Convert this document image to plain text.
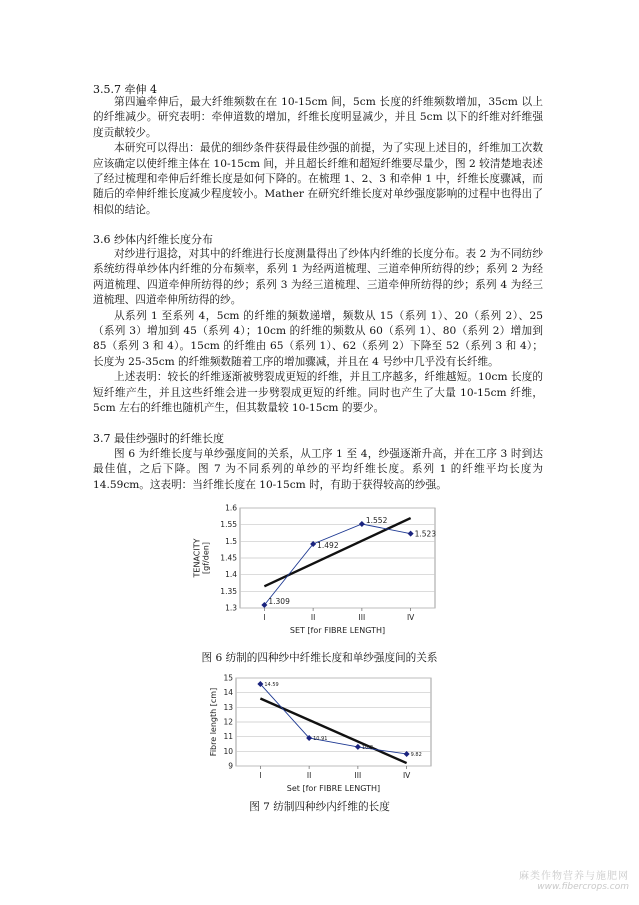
3.5.7 牵伸 4

第四遍牵伸后，最大纤维频数在在 10-15cm 间，5cm 长度的纤维频数增加，35cm 以上的纤维减少。研究表明：牵伸道数的增加，纤维长度明显减少，并且 5cm 以下的纤维对纤维强度贡献较少。

本研究可以得出：最优的细纱条件获得最佳纱强的前提，为了实现上述目的，纤维加工次数应该确定以使纤维主体在 10-15cm 间，并且超长纤维和超短纤维要尽量少，图 2 较清楚地表述了经过梳理和牵伸后纤维长度是如何下降的。在梳理 1、2、3 和牵伸 1 中，纤维长度骤减，而随后的牵伸纤维长度减少程度较小。Mather 在研究纤维长度对单纱强度影响的过程中也得出了相似的结论。

3.6 纱体内纤维长度分布

对纱进行退捻，对其中的纤维进行长度测量得出了纱体内纤维的长度分布。表 2 为不同纺纱系统纺得单纱体内纤维的分布频率，系列 1 为经两道梳理、三道牵伸所纺得的纱；系列 2 为经两道梳理、四道牵伸所纺得的纱；系列 3 为经三道梳理、三道牵伸所纺得的纱；系列 4 为经三道梳理、四道牵伸所纺得的纱。

从系列 1 至系列 4，5cm 的纤维的频数递增，频数从 15（系列 1）、20（系列 2）、25（系列 3）增加到 45（系列 4）；10cm 的纤维的频数从 60（系列 1）、80（系列 2）增加到 85（系列 3 和 4）。15cm 的纤维由 65（系列 1）、62（系列 2）下降至 52（系列 3 和 4）；长度为 25-35cm 的纤维频数随着工序的增加骤减，并且在 4 号纱中几乎没有长纤维。

上述表明：较长的纤维逐渐被劈裂成更短的纤维，并且工序越多，纤维越短。10cm 长度的短纤维产生，并且这些纤维会进一步劈裂成更短的纤维。同时也产生了大量 10-15cm 纤维，5cm 左右的纤维也随机产生，但其数量较 10-15cm 的要少。

3.7 最佳纱强时的纤维长度

图 6 为纤维长度与单纱强度间的关系，从工序 1 至 4，纱强逐渐升高，并在工序 3 时到达最佳值，之后下降。图 7 为不同系列的单纱的平均纤维长度。系列 1 的纤维平均长度为 14.59cm。这表明：当纤维长度在 10-15cm 时，有助于获得较高的纱强。

1.3
1.35
1.4
1.45
1.5
1.55
1.6
I	II	III	IV
SET [for FIBRE LENGTH]
TENACITY[gf/den]
1.309
1.492
1.552
1.523
图 6 纺制的四种纱中纤维长度和单纱强度间的关系
9
10
11
12
13
14
15
I	II	III	IV
Set [for FIBRE LENGTH]
Fibre length [cm]
14.59
10.91
10.3
9.82
图 7 纺制四种纱内纤维的长度
麻类作物营养与施肥网
www.fibercrops.com
